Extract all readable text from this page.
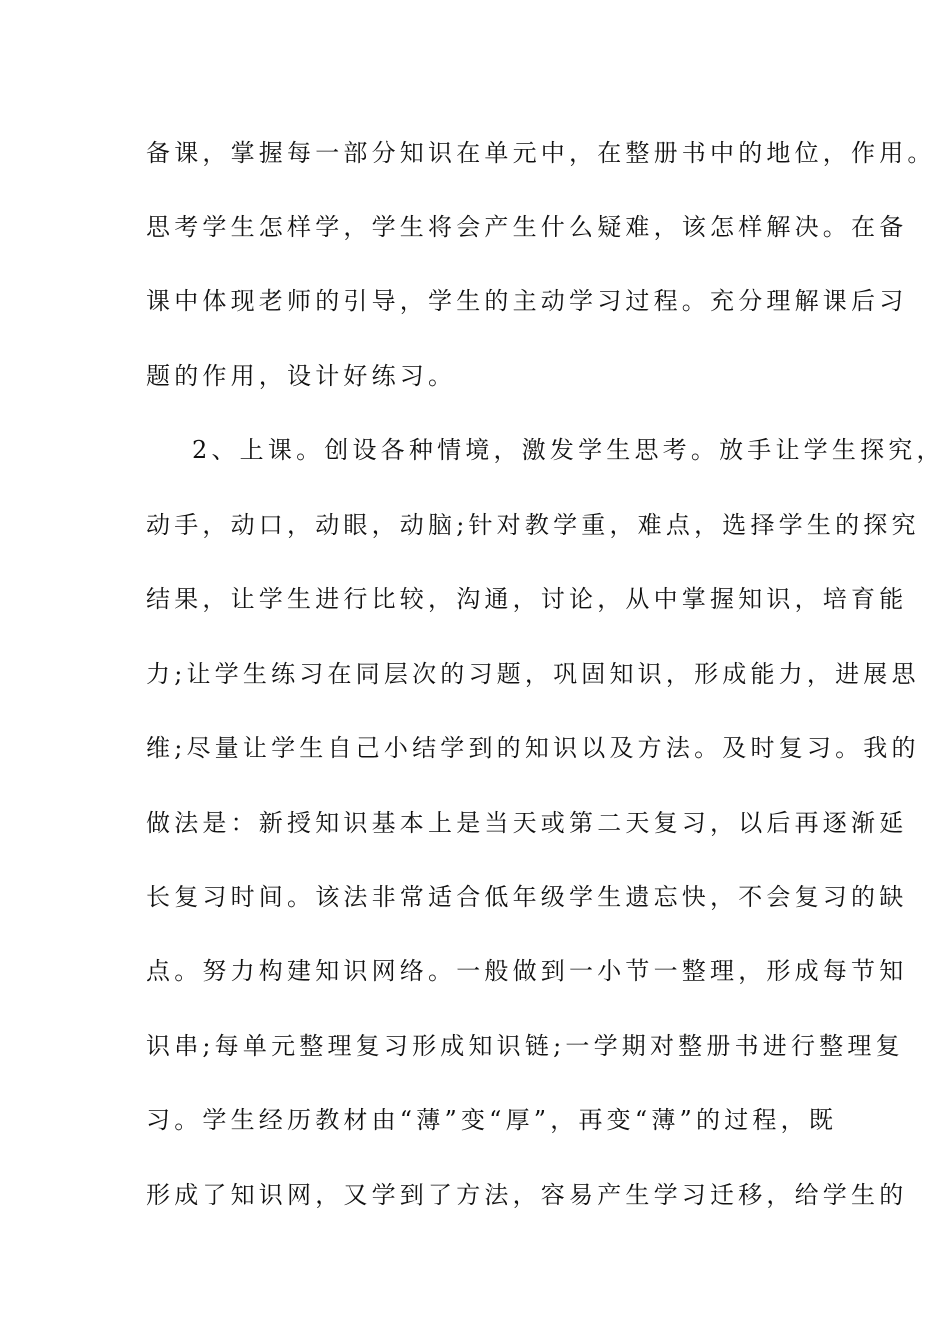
备课，掌握每一部分知识在单元中，在整册书中的地位，作用。
思考学生怎样学，学生将会产生什么疑难，该怎样解决。在备
课中体现老师的引导，学生的主动学习过程。充分理解课后习
题的作用，设计好练习。
2、上课。创设各种情境，激发学生思考。放手让学生探究，
动手，动口，动眼，动脑;针对教学重，难点，选择学生的探究
结果，让学生进行比较，沟通，讨论，从中掌握知识，培育能
力;让学生练习在同层次的习题，巩固知识，形成能力，进展思
维;尽量让学生自己小结学到的知识以及方法。及时复习。我的
做法是：新授知识基本上是当天或第二天复习，以后再逐渐延
长复习时间。该法非常适合低年级学生遗忘快，不会复习的缺
点。努力构建知识网络。一般做到一小节一整理，形成每节知
识串;每单元整理复习形成知识链;一学期对整册书进行整理复
习。学生经历教材由“薄”变“厚”，再变“薄”的过程，既
形成了知识网，又学到了方法，容易产生学习迁移，给学生的
